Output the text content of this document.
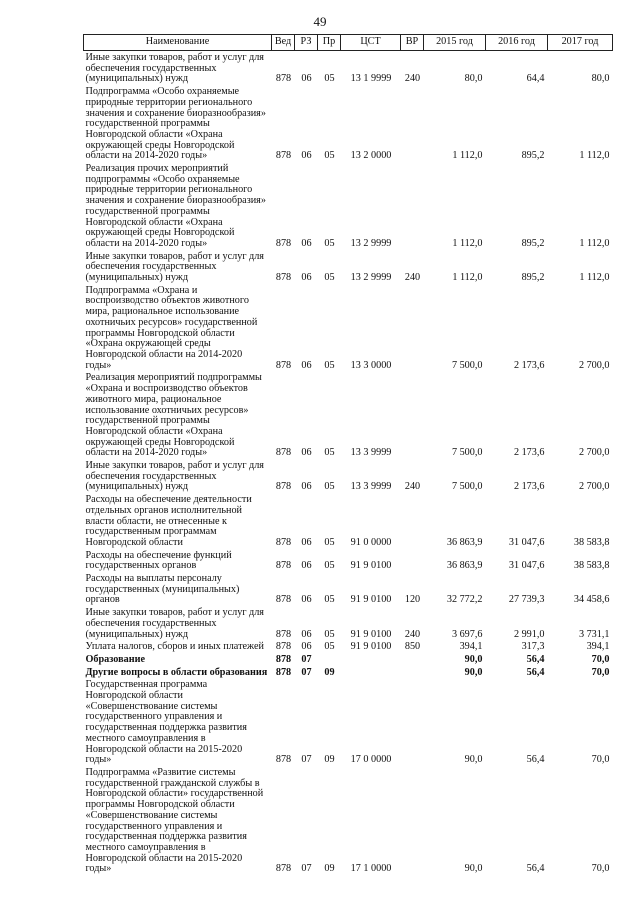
49
Наименование	Вед	РЗ	Пр	ЦСТ	ВР	2015 год	2016 год	2017 год
Иные закупки товаров, работ и услуг для обеспечения государственных (муниципальных) нужд	878	06	05	13 1 9999	240	80,0	64,4	80,0
Подпрограмма «Особо охраняемые природные территории регионального значения и сохранение биоразнообразия» государственной программы Новгородской области «Охрана окружающей среды Новгородской области на 2014-2020 годы»	878	06	05	13 2 0000		1 112,0	895,2	1 112,0
Реализация прочих мероприятий подпрограммы «Особо охраняемые природные территории регионального значения и сохранение биоразнообразия» государственной программы Новгородской области «Охрана окружающей среды Новгородской области на 2014-2020 годы»	878	06	05	13 2 9999		1 112,0	895,2	1 112,0
Иные закупки товаров, работ и услуг для обеспечения государственных (муниципальных) нужд	878	06	05	13 2 9999	240	1 112,0	895,2	1 112,0
Подпрограмма «Охрана и воспроизводство объектов животного мира, рациональное использование охотничьих ресурсов» государственной программы Новгородской области «Охрана окружающей среды Новгородской области на 2014-2020 годы»	878	06	05	13 3 0000		7 500,0	2 173,6	2 700,0
Реализация мероприятий подпрограммы «Охрана и воспроизводство объектов животного мира, рациональное использование охотничьих ресурсов» государственной программы Новгородской области «Охрана окружающей среды Новгородской области на 2014-2020 годы»	878	06	05	13 3 9999		7 500,0	2 173,6	2 700,0
Иные закупки товаров, работ и услуг для обеспечения государственных (муниципальных) нужд	878	06	05	13 3 9999	240	7 500,0	2 173,6	2 700,0
Расходы на обеспечение деятельности отдельных органов исполнительной власти области, не отнесенные к государственным программам Новгородской области	878	06	05	91 0 0000		36 863,9	31 047,6	38 583,8
Расходы на обеспечение функций государственных органов	878	06	05	91 9 0100		36 863,9	31 047,6	38 583,8
Расходы на выплаты персоналу государственных (муниципальных) органов	878	06	05	91 9 0100	120	32 772,2	27 739,3	34 458,6
Иные закупки товаров, работ и услуг для обеспечения государственных (муниципальных) нужд	878	06	05	91 9 0100	240	3 697,6	2 991,0	3 731,1
Уплата налогов, сборов и иных платежей	878	06	05	91 9 0100	850	394,1	317,3	394,1
Образование	878	07				90,0	56,4	70,0
Другие вопросы в области образования	878	07	09			90,0	56,4	70,0
Государственная программа Новгородской области «Совершенствование системы государственного управления и государственная поддержка развития местного самоуправления в Новгородской области на 2015-2020 годы»	878	07	09	17 0 0000		90,0	56,4	70,0
Подпрограмма «Развитие системы государственной гражданской службы в Новгородской области» государственной программы Новгородской области «Совершенствование системы государственного управления и государственная поддержка развития местного самоуправления в Новгородской области на 2015-2020 годы»	878	07	09	17 1 0000		90,0	56,4	70,0
